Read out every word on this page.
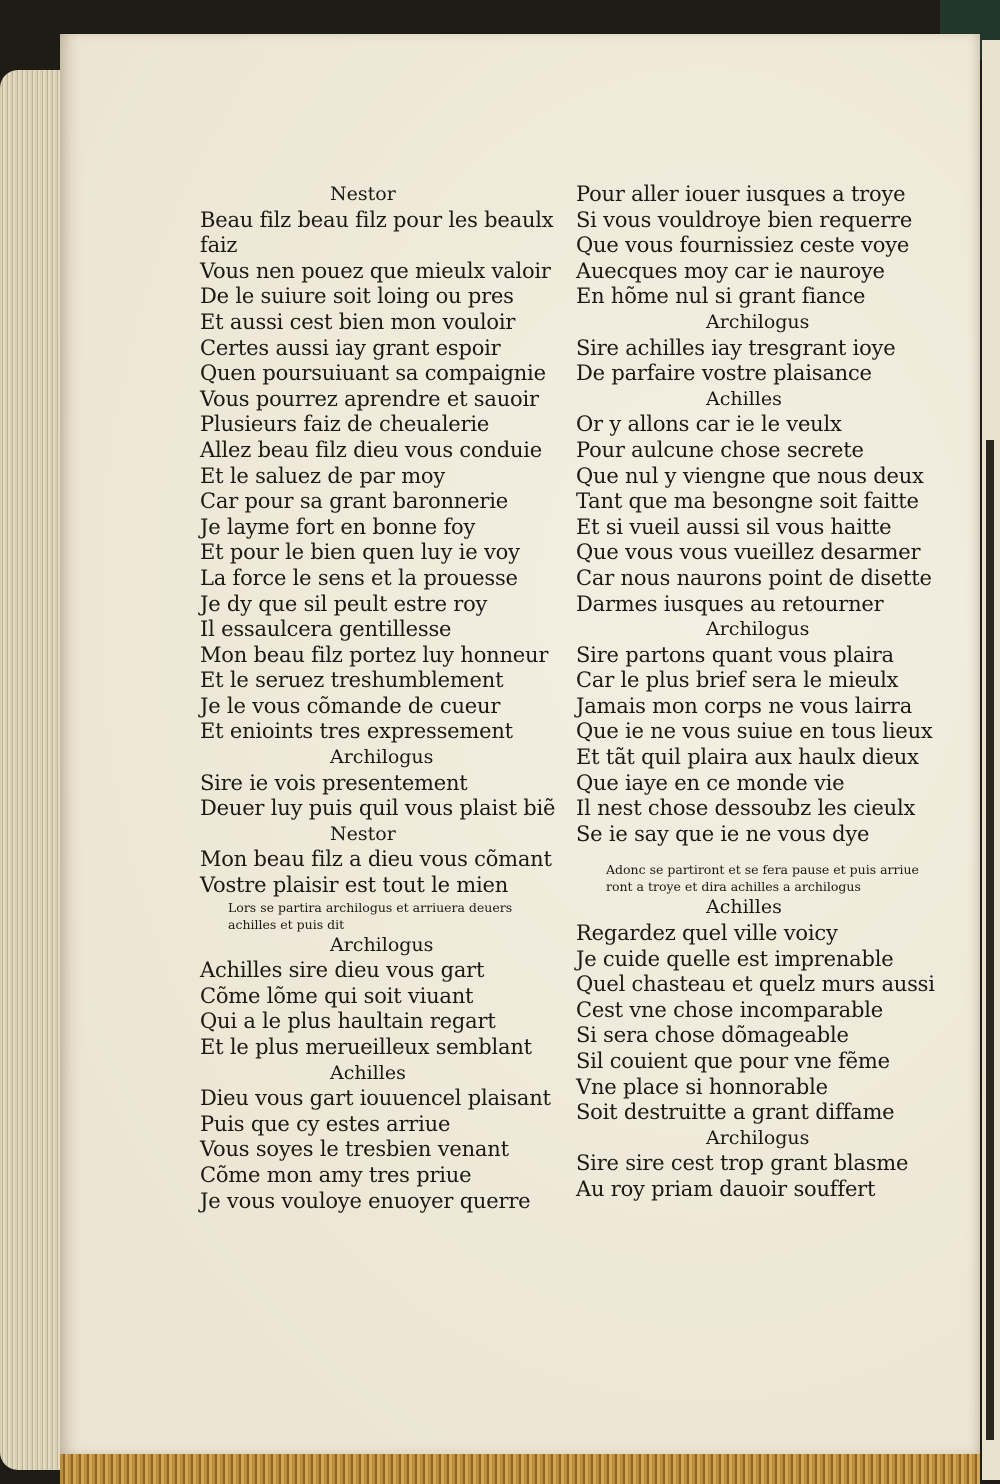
Nestor
Beau filz beau filz pour les beaulx
faiz
Vous nen pouez que mieulx valoir
De le suiure soit loing ou pres
Et aussi cest bien mon vouloir
Certes aussi iay grant espoir
Quen poursuiuant sa compaignie
Vous pourrez aprendre et sauoir
Plusieurs faiz de cheualerie
Allez beau filz dieu vous conduie
Et le saluez de par moy
Car pour sa grant baronnerie
Je layme fort en bonne foy
Et pour le bien quen luy ie voy
La force le sens et la prouesse
Je dy que sil peult estre roy
Il essaulcera gentillesse
Mon beau filz portez luy honneur
Et le seruez treshumblement
Je le vous cõmande de cueur
Et enioints tres expressement
Archilogus
Sire ie vois presentement
Deuer luy puis quil vous plaist biẽ
Nestor
Mon beau filz a dieu vous cõmant
Vostre plaisir est tout le mien
Lors se partira archilogus et arriuera deuers
achilles et puis dit
Archilogus
Achilles sire dieu vous gart
Cõme lõme qui soit viuant
Qui a le plus haultain regart
Et le plus merueilleux semblant
Achilles
Dieu vous gart iouuencel plaisant
Puis que cy estes arriue
Vous soyes le tresbien venant
Cõme mon amy tres priue
Je vous vouloye enuoyer querre
Pour aller iouer iusques a troye
Si vous vouldroye bien requerre
Que vous fournissiez ceste voye
Auecques moy car ie nauroye
En hõme nul si grant fiance
Archilogus
Sire achilles iay tresgrant ioye
De parfaire vostre plaisance
Achilles
Or y allons car ie le veulx
Pour aulcune chose secrete
Que nul y viengne que nous deux
Tant que ma besongne soit faitte
Et si vueil aussi sil vous haitte
Que vous vous vueillez desarmer
Car nous naurons point de disette
Darmes iusques au retourner
Archilogus
Sire partons quant vous plaira
Car le plus brief sera le mieulx
Jamais mon corps ne vous lairra
Que ie ne vous suiue en tous lieux
Et tãt quil plaira aux haulx dieux
Que iaye en ce monde vie
Il nest chose dessoubz les cieulx
Se ie say que ie ne vous dye
Adonc se partiront et se fera pause et puis arriue
ront a troye et dira achilles a archilogus
Achilles
Regardez quel ville voicy
Je cuide quelle est imprenable
Quel chasteau et quelz murs aussi
Cest vne chose incomparable
Si sera chose dõmageable
Sil couient que pour vne fẽme
Vne place si honnorable
Soit destruitte a grant diffame
Archilogus
Sire sire cest trop grant blasme
Au roy priam dauoir souffert
